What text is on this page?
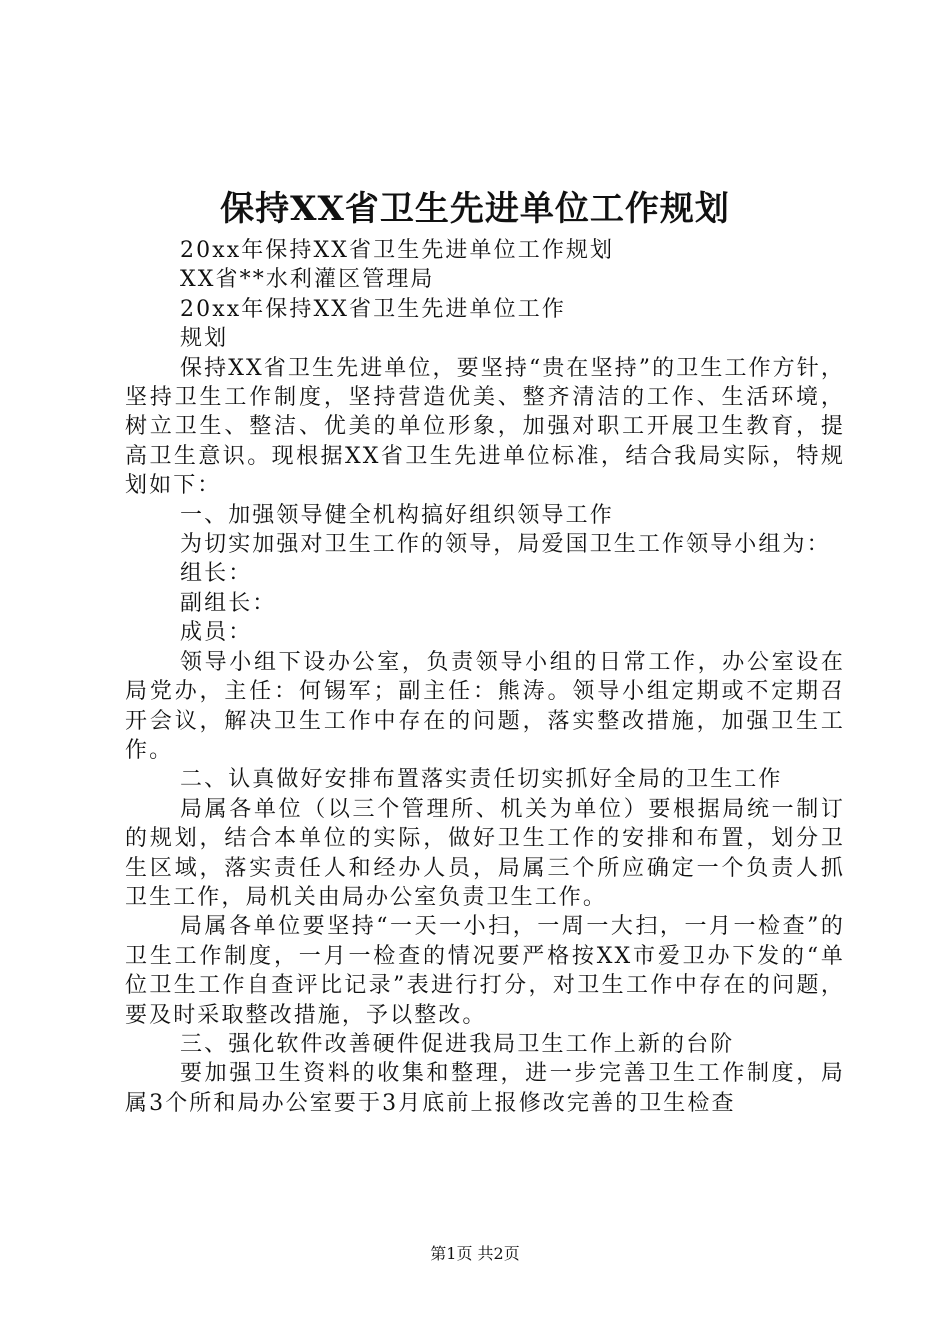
保持XX省卫生先进单位工作规划

20xx年保持XX省卫生先进单位工作规划

XX省**水利灌区管理局

20xx年保持XX省卫生先进单位工作

规划

保持XX省卫生先进单位，要坚持“贵在坚持”的卫生工作方针，坚持卫生工作制度，坚持营造优美、整齐清洁的工作、生活环境，树立卫生、整洁、优美的单位形象，加强对职工开展卫生教育，提高卫生意识。现根据XX省卫生先进单位标准，结合我局实际，特规划如下：

一、加强领导健全机构搞好组织领导工作

为切实加强对卫生工作的领导，局爱国卫生工作领导小组为：

组长：

副组长：

成员：

领导小组下设办公室，负责领导小组的日常工作，办公室设在局党办，主任：何锡军；副主任：熊涛。领导小组定期或不定期召开会议，解决卫生工作中存在的问题，落实整改措施，加强卫生工作。

二、认真做好安排布置落实责任切实抓好全局的卫生工作

局属各单位（以三个管理所、机关为单位）要根据局统一制订的规划，结合本单位的实际，做好卫生工作的安排和布置，划分卫生区域，落实责任人和经办人员，局属三个所应确定一个负责人抓卫生工作，局机关由局办公室负责卫生工作。

局属各单位要坚持“一天一小扫，一周一大扫，一月一检查”的卫生工作制度，一月一检查的情况要严格按XX市爱卫办下发的“单位卫生工作自查评比记录”表进行打分，对卫生工作中存在的问题，要及时采取整改措施，予以整改。

三、强化软件改善硬件促进我局卫生工作上新的台阶

要加强卫生资料的收集和整理，进一步完善卫生工作制度，局属3个所和局办公室要于3月底前上报修改完善的卫生检查

第1页 共2页
